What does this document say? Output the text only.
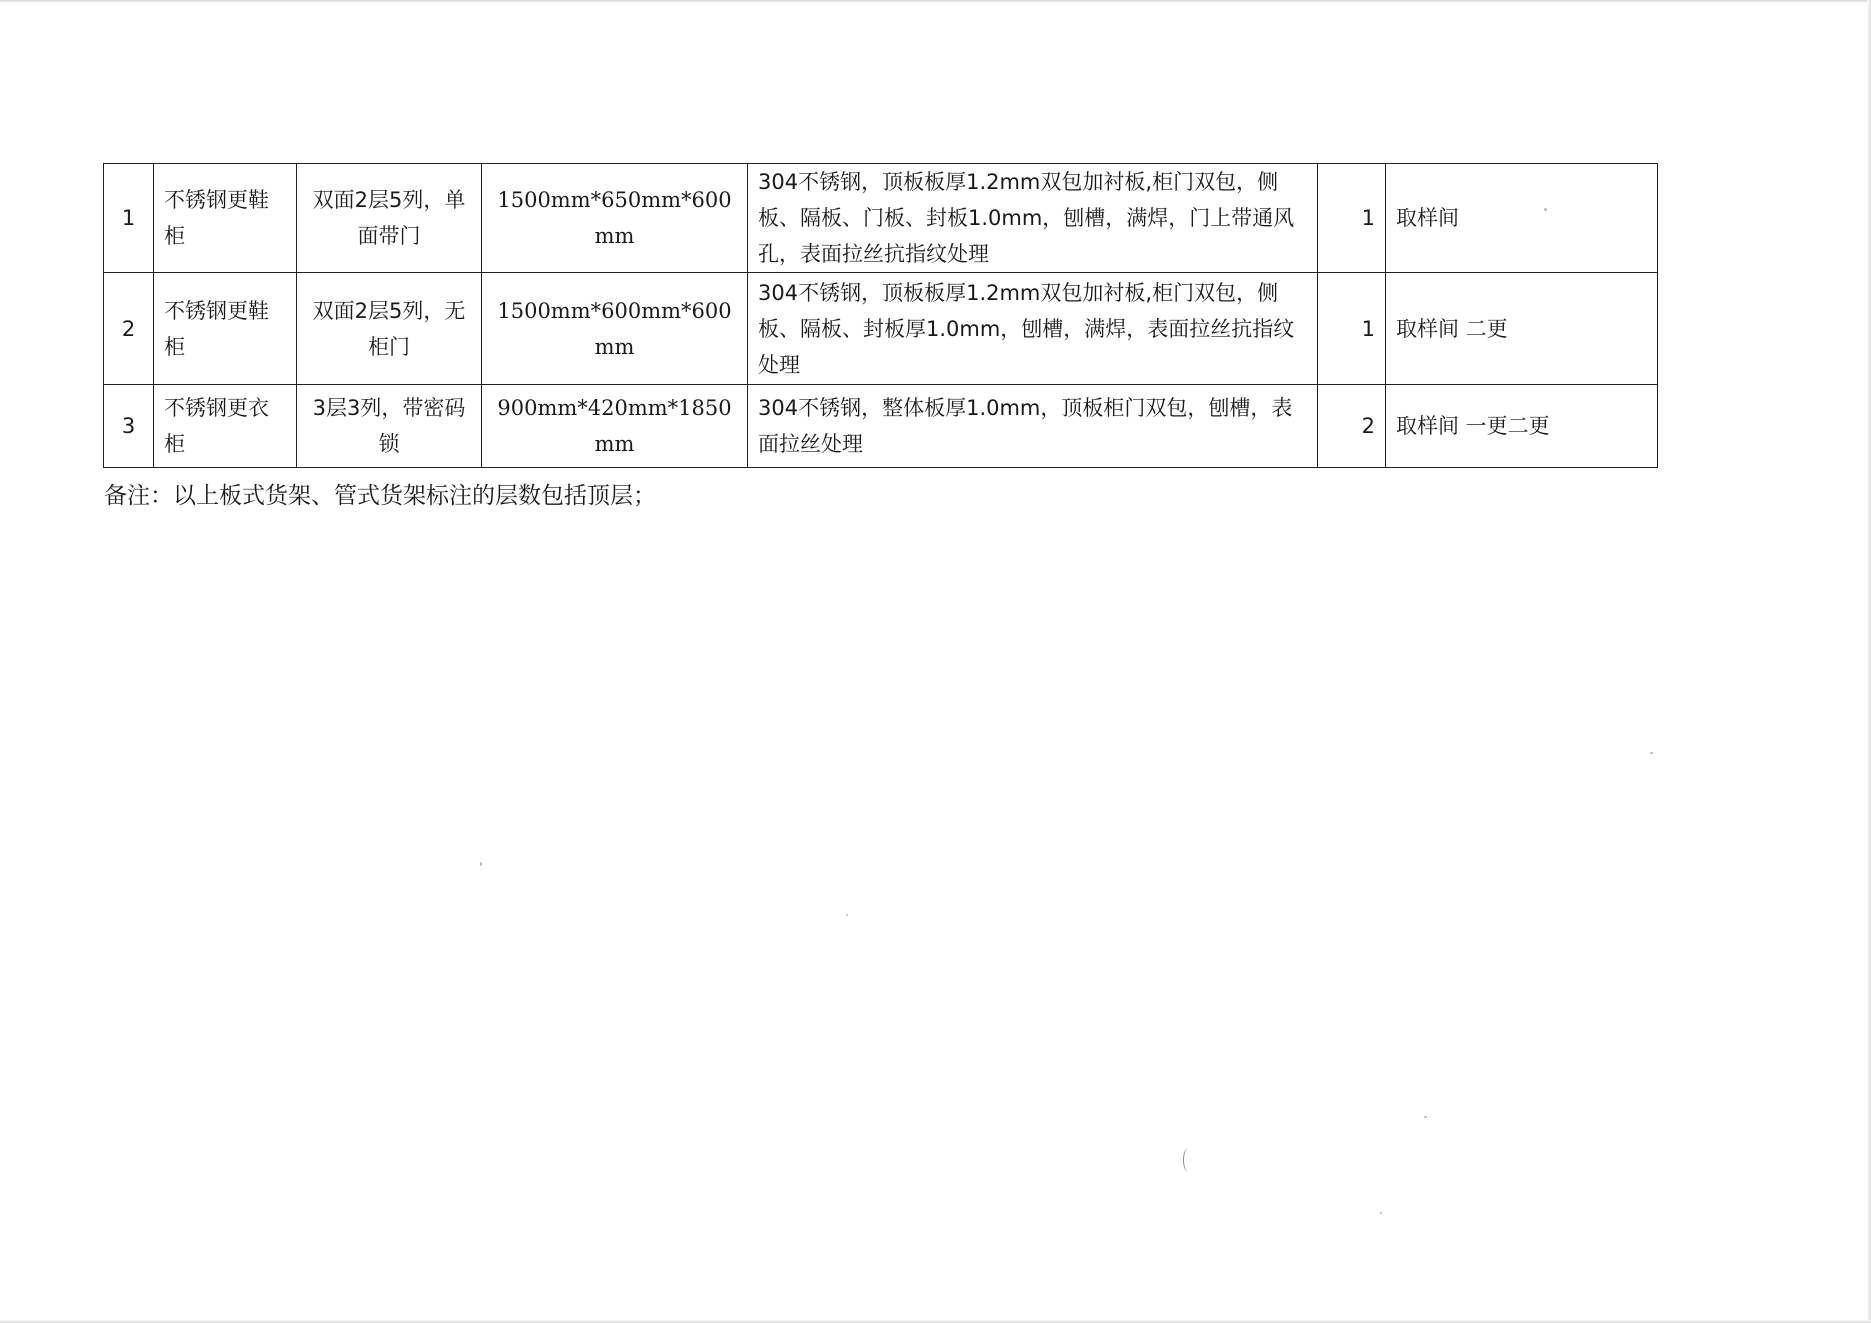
1	不锈钢更鞋柜	双面2层5列，单面带门	1500mm*650mm*600mm	304不锈钢，顶板板厚1.2mm双包加衬板,柜门双包，侧板、隔板、门板、封板1.0mm，刨槽，满焊，门上带通风孔，表面拉丝抗指纹处理	1	取样间
2	不锈钢更鞋柜	双面2层5列，无柜门	1500mm*600mm*600mm	304不锈钢，顶板板厚1.2mm双包加衬板,柜门双包，侧板、隔板、封板厚1.0mm，刨槽，满焊，表面拉丝抗指纹处理	1	取样间 二更
3	不锈钢更衣柜	3层3列，带密码锁	900mm*420mm*1850mm	304不锈钢，整体板厚1.0mm，顶板柜门双包，刨槽，表面拉丝处理	2	取样间 一更二更
备注：以上板式货架、管式货架标注的层数包括顶层；
